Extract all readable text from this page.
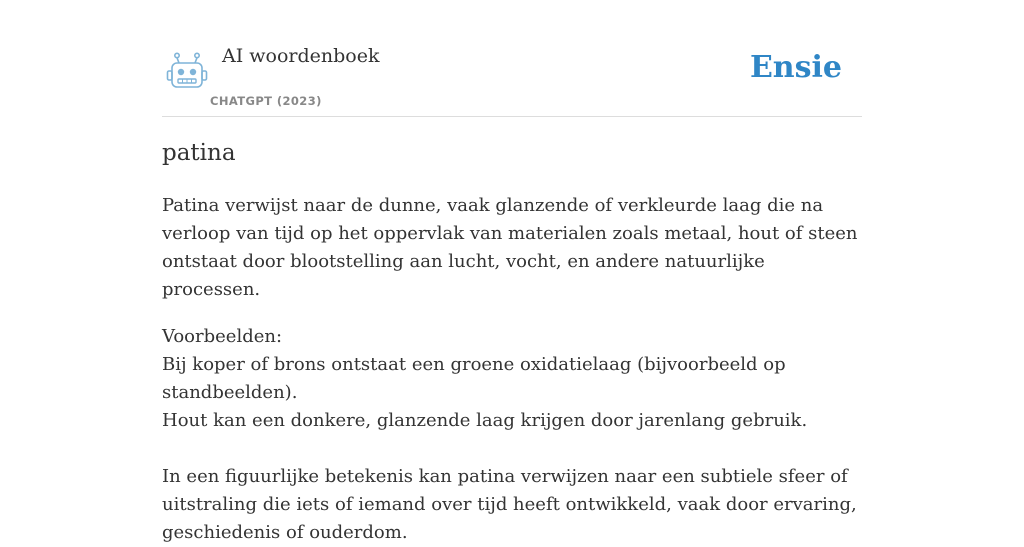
AI woordenboek
CHATGPT (2023)
Ensie
patina

Patina verwijst naar de dunne, vaak glanzende of verkleurde laag die na verloop van tijd op het oppervlak van materialen zoals metaal, hout of steen ontstaat door blootstelling aan lucht, vocht, en andere natuurlijke processen.

Voorbeelden:

Bij koper of brons ontstaat een groene oxidatielaag (bijvoorbeeld op standbeelden).

Hout kan een donkere, glanzende laag krijgen door jarenlang gebruik.

In een figuurlijke betekenis kan patina verwijzen naar een subtiele sfeer of uitstraling die iets of iemand over tijd heeft ontwikkeld, vaak door ervaring, geschiedenis of ouderdom.
